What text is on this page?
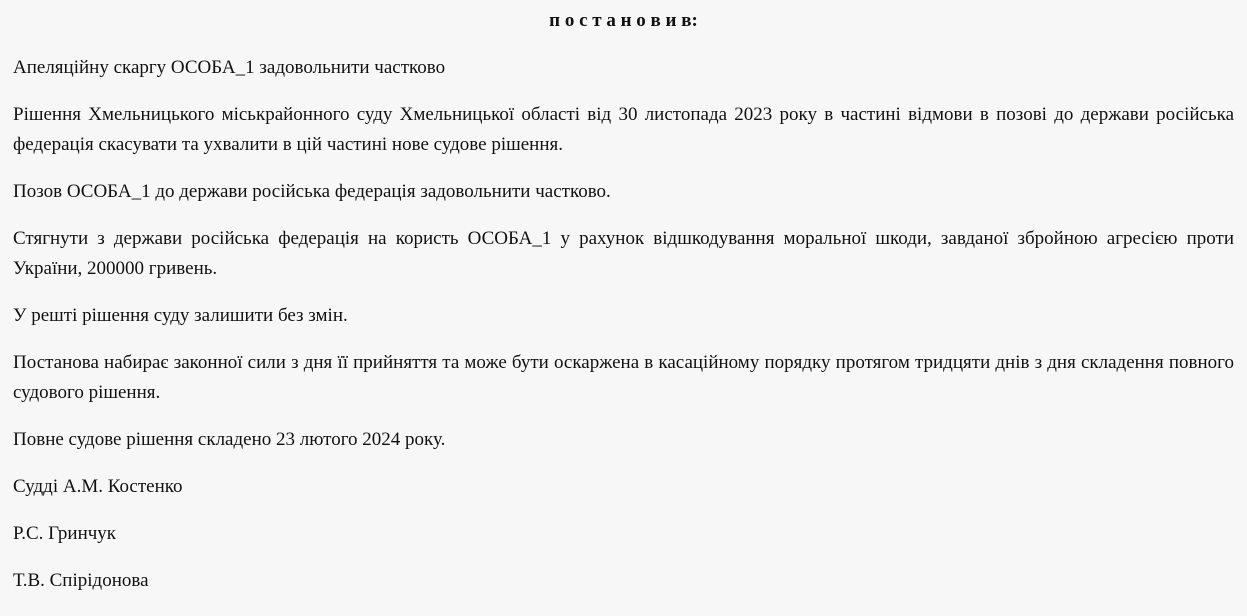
п о с т а н о в и в:

Апеляційну скаргу ОСОБА_1 задовольнити частково

Рішення Хмельницького міськрайонного суду Хмельницької області від 30 листопада 2023 року в частині відмови в позові до держави російська федерація скасувати та ухвалити в цій частині нове судове рішення.

Позов ОСОБА_1 до держави російська федерація задовольнити частково.

Стягнути з держави російська федерація на користь ОСОБА_1 у рахунок відшкодування моральної шкоди, завданої збройною агресією проти України, 200000 гривень.

У решті рішення суду залишити без змін.

Постанова набирає законної сили з дня її прийняття та може бути оскаржена в касаційному порядку протягом тридцяти днів з дня складення повного судового рішення.

Повне судове рішення складено 23 лютого 2024 року.

Судді А.М. Костенко

Р.С. Гринчук

Т.В. Спірідонова
